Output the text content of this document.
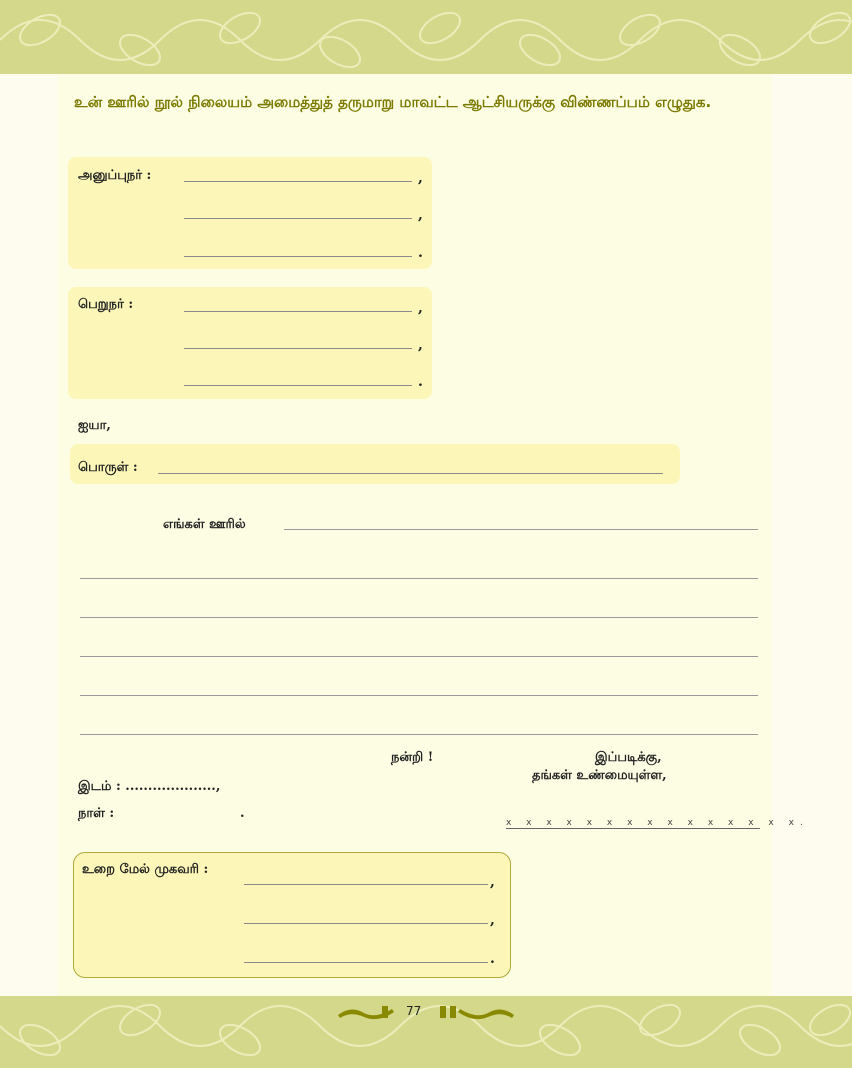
உன் ஊரில் நூல் நிலையம் அமைத்துத் தருமாறு மாவட்ட ஆட்சியருக்கு விண்ணப்பம் எழுதுக.

அனுப்புநர் :	,
,
.
பெறுநர் :	,
,
.
ஐயா,
பொருள் :
எங்கள் ஊரில்
நன்றி !	இப்படிக்கு,
தங்கள் உண்மையுள்ள,
இடம் : ....................,
நாள் :	.
x x x x x x x x x x x x x x x.
உறை மேல் முகவரி :
,
,
.
77
